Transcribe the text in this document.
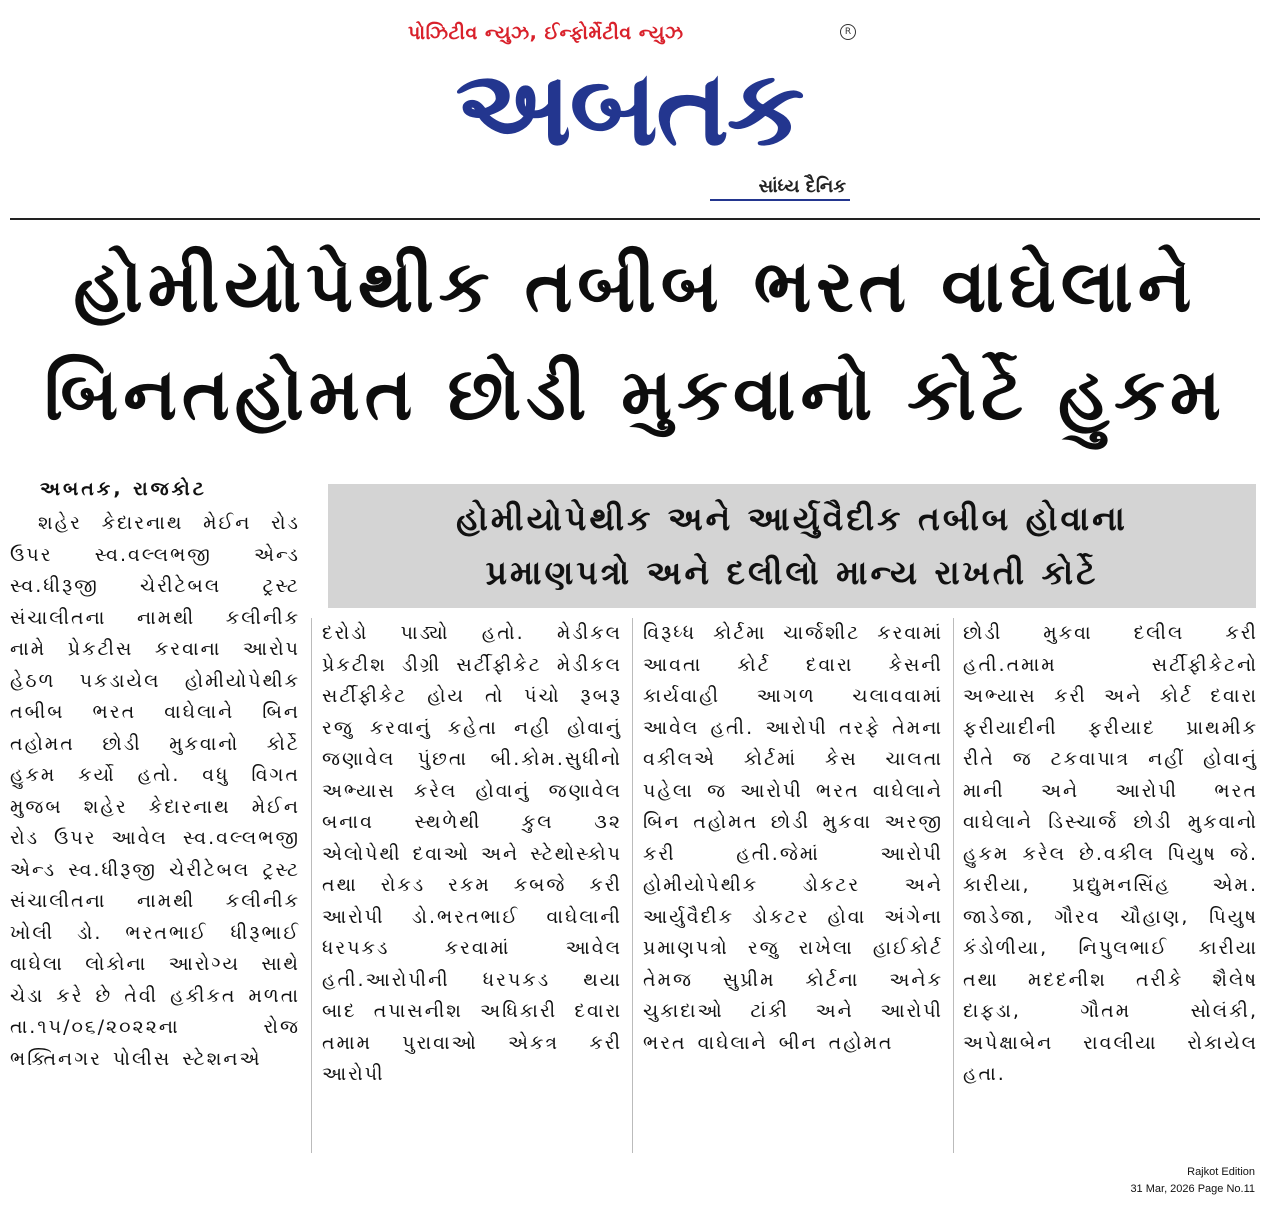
પોઝિટીવ ન્યુઝ, ઈન્ફોર્મેટીવ ન્યુઝ	R
અબતક
સાંધ્ય દૈનિક
હોમીયોપેથીક તબીબ ભરત વાઘેલાને
બિનતહોમત છોડી મુકવાનો કોર્ટે હુકમ
અબતક, રાજકોટ
હોમીયોપેથીક અને આર્યુવૈદીક તબીબ હોવાના
પ્રમાણપત્રો અને દલીલો માન્ય રાખતી કોર્ટે
શહેર કેદારનાથ મેઈન રોડ ઉપર સ્વ.વલ્લભજી એન્ડ સ્વ.ધીરૂજી ચેરીટેબલ ટ્રસ્ટ સંચાલીતના નામથી કલીનીક નામે પ્રેકટીસ કરવાના આરોપ હેઠળ પકડાયેલ હોમીયોપેથીક તબીબ ભરત વાઘેલાને બિન તહોમત છોડી મુકવાનો કોર્ટે હુકમ કર્યો હતો. વધુ વિગત મુજબ શહેર કેદારનાથ મેઈન રોડ ઉપર આવેલ સ્વ.વલ્લભજી એન્ડ સ્વ.ધીરૂજી ચેરીટેબલ ટ્રસ્ટ સંચાલીતના નામથી કલીનીક ખોલી ડો. ભરતભાઈ ધીરૂભાઈ વાઘેલા લોકોના આરોગ્ય સાથે ચેડા કરે છે તેવી હકીકત મળતા તા.૧૫/૦૬/૨૦૨૨ના રોજ ભક્તિનગર પોલીસ સ્ટેશનએ
દરોડો પાડ્યો હતો. મેડીકલ પ્રેકટીશ ડીગ્રી સર્ટીફીકેટ મેડીકલ સર્ટીફીકેટ હોય તો પંચો રૂબરૂ રજુ કરવાનું કહેતા નહી હોવાનું જણાવેલ પુંછતા બી.કોમ.સુધીનો અભ્યાસ કરેલ હોવાનું જણાવેલ બનાવ સ્થળેથી કુલ ૩૨ એલોપેથી દવાઓ અને સ્ટેથોસ્કોપ તથા રોકડ રકમ કબજે કરી આરોપી ડો.ભરતભાઈ વાઘેલાની ધરપકડ કરવામાં આવેલ હતી.આરોપીની ધરપકડ થયા બાદ તપાસનીશ અધિકારી દવારા તમામ પુરાવાઓ એકત્ર કરી આરોપી
વિરૂધ્ધ કોર્ટમા ચાર્જશીટ કરવામાં આવતા કોર્ટ દવારા કેસની કાર્યવાહી આગળ ચલાવવામાં આવેલ હતી. આરોપી તરફે તેમના વકીલએ કોર્ટમાં કેસ ચાલતા પહેલા જ આરોપી ભરત વાઘેલાને બિન તહોમત છોડી મુકવા અરજી કરી હતી.જેમાં આરોપી હોમીયોપેથીક ડોકટર અને આર્યુવૈદીક ડોકટર હોવા અંગેના પ્રમાણપત્રો રજુ રાખેલા હાઈકોર્ટ તેમજ સુપ્રીમ કોર્ટના અનેક ચુકાદાઓ ટાંકી અને આરોપી ભરત વાઘેલાને બીન તહોમત
છોડી મુકવા દલીલ કરી હતી.તમામ સર્ટીફીકેટનો અભ્યાસ કરી અને કોર્ટ દવારા ફરીયાદીની ફરીયાદ પ્રાથમીક રીતે જ ટકવાપાત્ર નહીં હોવાનું માની અને આરોપી ભરત વાઘેલાને ડિસ્ચાર્જ છોડી મુકવાનો હુકમ કરેલ છે.વકીલ પિયુષ જે. કારીયા, પ્રદ્યુમનસિંહ એમ. જાડેજા, ગૌરવ ચૌહાણ, પિયુષ કંડોળીયા, નિપુલભાઈ કારીયા તથા મદદનીશ તરીકે શૈલેષ દાફડા, ગૌતમ સોલંકી, અપેક્ષાબેન રાવલીયા રોકાયેલ હતા.
Rajkot Edition
31 Mar, 2026 Page No.11
